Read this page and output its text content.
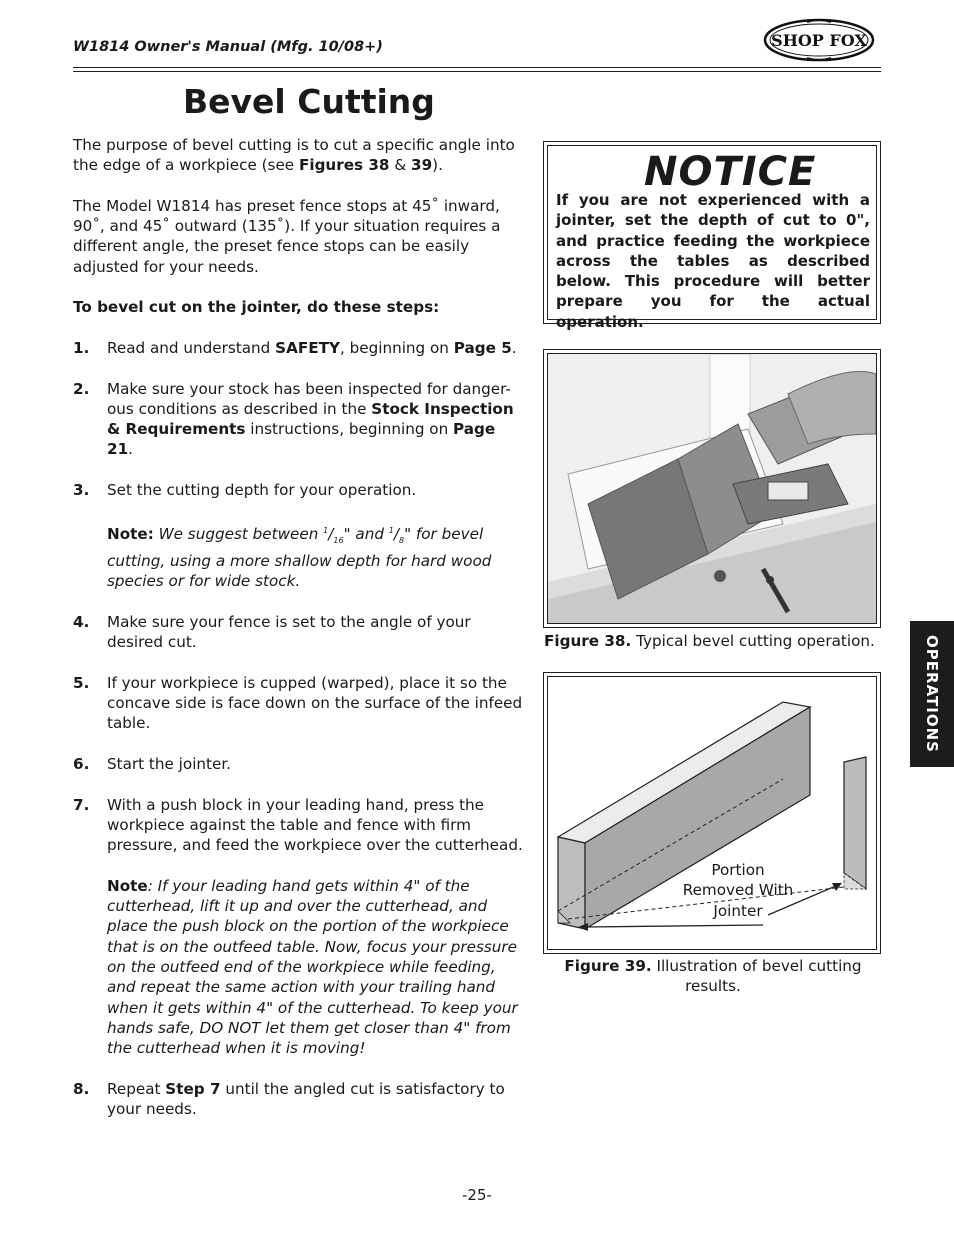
W1814 Owner's Manual (Mfg. 10/08+)	SHOP FOX
Bevel Cutting

The purpose of bevel cutting is to cut a specific angle into the edge of a workpiece (see Figures 38 & 39).

The Model W1814 has preset fence stops at 45˚ inward, 90˚, and 45˚ outward (135˚). If your situation requires a different angle, the preset fence stops can be easily adjusted for your needs.

To bevel cut on the jointer, do these steps:

1.	Read and understand SAFETY, beginning on Page 5.
2.	Make sure your stock has been inspected for danger-ous conditions as described in the Stock Inspection & Requirements instructions, beginning on Page 21.
3.	Set the cutting depth for your operation.

Note: We suggest between $^1/_{16}$" and $^1/_8$" for bevel cutting, using a more shallow depth for hard wood species or for wide stock.

4.	Make sure your fence is set to the angle of your desired cut.
5.	If your workpiece is cupped (warped), place it so the concave side is face down on the surface of the infeed table.
6.	Start the jointer.
7.	With a push block in your leading hand, press the workpiece against the table and fence with firm pressure, and feed the workpiece over the cutterhead.

Note: If your leading hand gets within 4" of the cutterhead, lift it up and over the cutterhead, and place the push block on the portion of the workpiece that is on the outfeed table. Now, focus your pressure on the outfeed end of the workpiece while feeding, and repeat the same action with your trailing hand when it gets within 4" of the cutterhead. To keep your hands safe, DO NOT let them get closer than 4" from the cutterhead when it is moving!

8.	Repeat Step 7 until the angled cut is satisfactory to your needs.
NOTICE
If you are not experienced with a jointer, set the depth of cut to 0", and practice feeding the workpiece across the tables as described below. This procedure will better prepare you for the actual operation.
Figure 38. Typical bevel cutting operation.
Portion Removed With Jointer
Figure 39. Illustration of bevel cutting results.
OPERATIONS
-25-
